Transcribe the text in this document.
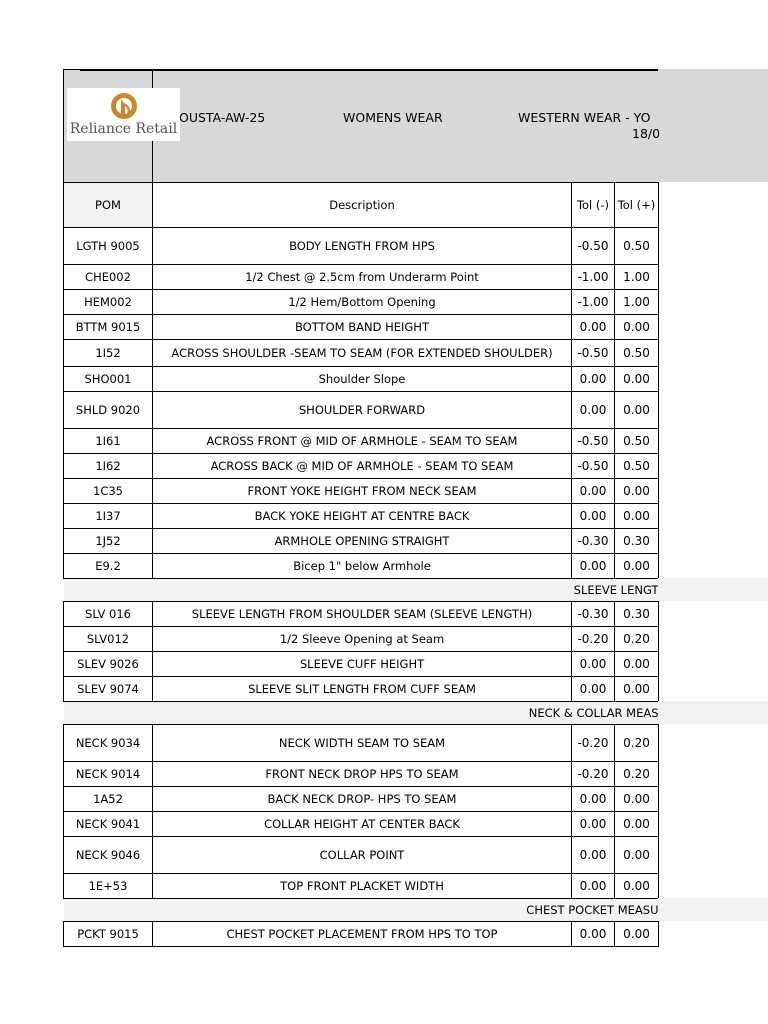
Reliance Retail
OUSTA-AW-25	WOMENS WEAR	WESTERN WEAR - YO
18/0
POM	Description	Tol (-)	Tol (+)
LGTH 9005	BODY LENGTH FROM HPS	-0.50	0.50
CHE002	1/2 Chest @ 2.5cm from Underarm Point	-1.00	1.00
HEM002	1/2 Hem/Bottom Opening	-1.00	1.00
BTTM 9015	BOTTOM BAND HEIGHT	0.00	0.00
1I52	ACROSS SHOULDER -SEAM TO SEAM (FOR EXTENDED SHOULDER)	-0.50	0.50
SHO001	Shoulder Slope	0.00	0.00
SHLD 9020	SHOULDER FORWARD	0.00	0.00
1I61	ACROSS FRONT @ MID OF ARMHOLE - SEAM TO SEAM	-0.50	0.50
1I62	ACROSS BACK @ MID OF ARMHOLE - SEAM TO SEAM	-0.50	0.50
1C35	FRONT YOKE HEIGHT FROM NECK SEAM	0.00	0.00
1I37	BACK YOKE HEIGHT AT CENTRE BACK	0.00	0.00
1J52	ARMHOLE OPENING STRAIGHT	-0.30	0.30
E9.2	Bicep 1" below Armhole	0.00	0.00
SLEEVE LENGT			
SLV 016	SLEEVE LENGTH FROM SHOULDER SEAM (SLEEVE LENGTH)	-0.30	0.30
SLV012	1/2 Sleeve Opening at Seam	-0.20	0.20
SLEV 9026	SLEEVE CUFF HEIGHT	0.00	0.00
SLEV 9074	SLEEVE SLIT LENGTH FROM CUFF SEAM	0.00	0.00
NECK & COLLAR MEAS			
NECK 9034	NECK WIDTH SEAM TO SEAM	-0.20	0.20
NECK 9014	FRONT NECK DROP HPS TO SEAM	-0.20	0.20
1A52	BACK NECK DROP- HPS TO SEAM	0.00	0.00
NECK 9041	COLLAR HEIGHT AT CENTER BACK	0.00	0.00
NECK 9046	COLLAR POINT	0.00	0.00
1E+53	TOP FRONT PLACKET WIDTH	0.00	0.00
CHEST POCKET MEASU			
PCKT 9015	CHEST POCKET PLACEMENT FROM HPS TO TOP	0.00	0.00
